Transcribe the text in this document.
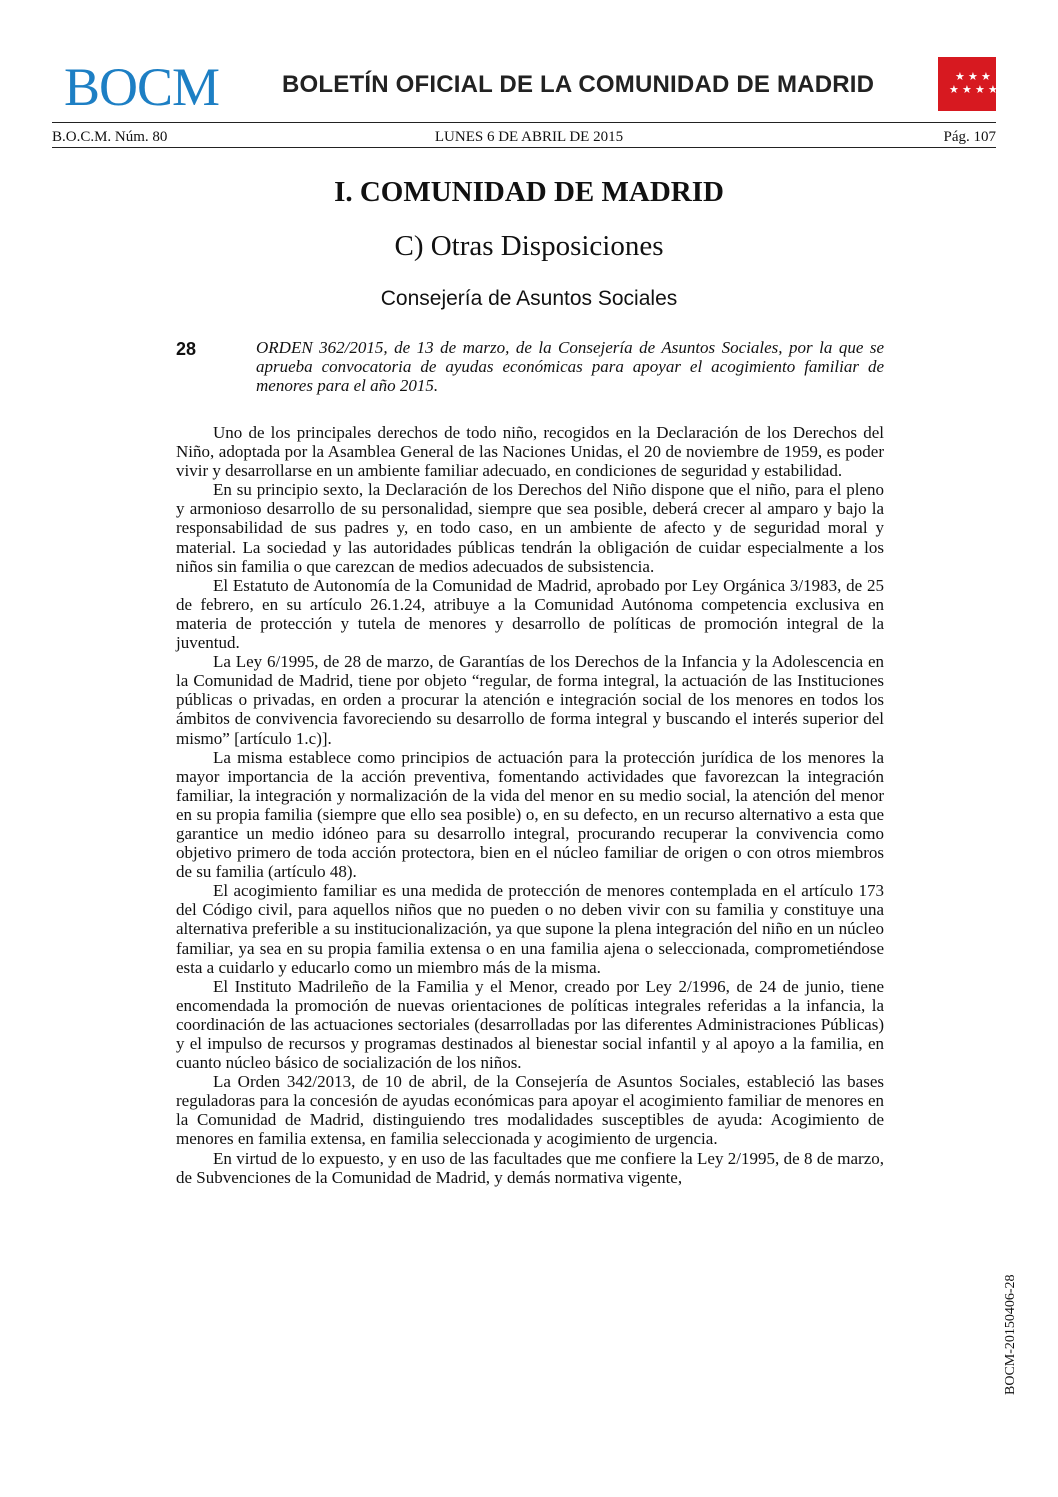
BOCM	BOLETÍN OFICIAL DE LA COMUNIDAD DE MADRID	★ ★ ★
★ ★ ★ ★
B.O.C.M. Núm. 80	LUNES 6 DE ABRIL DE 2015	Pág. 107
I. COMUNIDAD DE MADRID
C) Otras Disposiciones
Consejería de Asuntos Sociales
28	ORDEN 362/2015, de 13 de marzo, de la Consejería de Asuntos Sociales, por la que se aprueba convocatoria de ayudas económicas para apoyar el acogimiento familiar de menores para el año 2015.

Uno de los principales derechos de todo niño, recogidos en la Declaración de los Derechos del Niño, adoptada por la Asamblea General de las Naciones Unidas, el 20 de noviembre de 1959, es poder vivir y desarrollarse en un ambiente familiar adecuado, en condiciones de seguridad y estabilidad.

En su principio sexto, la Declaración de los Derechos del Niño dispone que el niño, para el pleno y armonioso desarrollo de su personalidad, siempre que sea posible, deberá crecer al amparo y bajo la responsabilidad de sus padres y, en todo caso, en un ambiente de afecto y de seguridad moral y material. La sociedad y las autoridades públicas tendrán la obligación de cuidar especialmente a los niños sin familia o que carezcan de medios adecuados de subsistencia.

El Estatuto de Autonomía de la Comunidad de Madrid, aprobado por Ley Orgánica 3/1983, de 25 de febrero, en su artículo 26.1.24, atribuye a la Comunidad Autónoma competencia exclusiva en materia de protección y tutela de menores y desarrollo de políticas de promoción integral de la juventud.

La Ley 6/1995, de 28 de marzo, de Garantías de los Derechos de la Infancia y la Adolescencia en la Comunidad de Madrid, tiene por objeto “regular, de forma integral, la actuación de las Instituciones públicas o privadas, en orden a procurar la atención e integración social de los menores en todos los ámbitos de convivencia favoreciendo su desarrollo de forma integral y buscando el interés superior del mismo” [artículo 1.c)].

La misma establece como principios de actuación para la protección jurídica de los menores la mayor importancia de la acción preventiva, fomentando actividades que favorezcan la integración familiar, la integración y normalización de la vida del menor en su medio social, la atención del menor en su propia familia (siempre que ello sea posible) o, en su defecto, en un recurso alternativo a esta que garantice un medio idóneo para su desarrollo integral, procurando recuperar la convivencia como objetivo primero de toda acción protectora, bien en el núcleo familiar de origen o con otros miembros de su familia (artículo 48).

El acogimiento familiar es una medida de protección de menores contemplada en el artículo 173 del Código civil, para aquellos niños que no pueden o no deben vivir con su familia y constituye una alternativa preferible a su institucionalización, ya que supone la plena integración del niño en un núcleo familiar, ya sea en su propia familia extensa o en una familia ajena o seleccionada, comprometiéndose esta a cuidarlo y educarlo como un miembro más de la misma.

El Instituto Madrileño de la Familia y el Menor, creado por Ley 2/1996, de 24 de junio, tiene encomendada la promoción de nuevas orientaciones de políticas integrales referidas a la infancia, la coordinación de las actuaciones sectoriales (desarrolladas por las diferentes Administraciones Públicas) y el impulso de recursos y programas destinados al bienestar social infantil y al apoyo a la familia, en cuanto núcleo básico de socialización de los niños.

La Orden 342/2013, de 10 de abril, de la Consejería de Asuntos Sociales, estableció las bases reguladoras para la concesión de ayudas económicas para apoyar el acogimiento familiar de menores en la Comunidad de Madrid, distinguiendo tres modalidades susceptibles de ayuda: Acogimiento de menores en familia extensa, en familia seleccionada y acogimiento de urgencia.

En virtud de lo expuesto, y en uso de las facultades que me confiere la Ley 2/1995, de 8 de marzo, de Subvenciones de la Comunidad de Madrid, y demás normativa vigente,

BOCM-20150406-28
